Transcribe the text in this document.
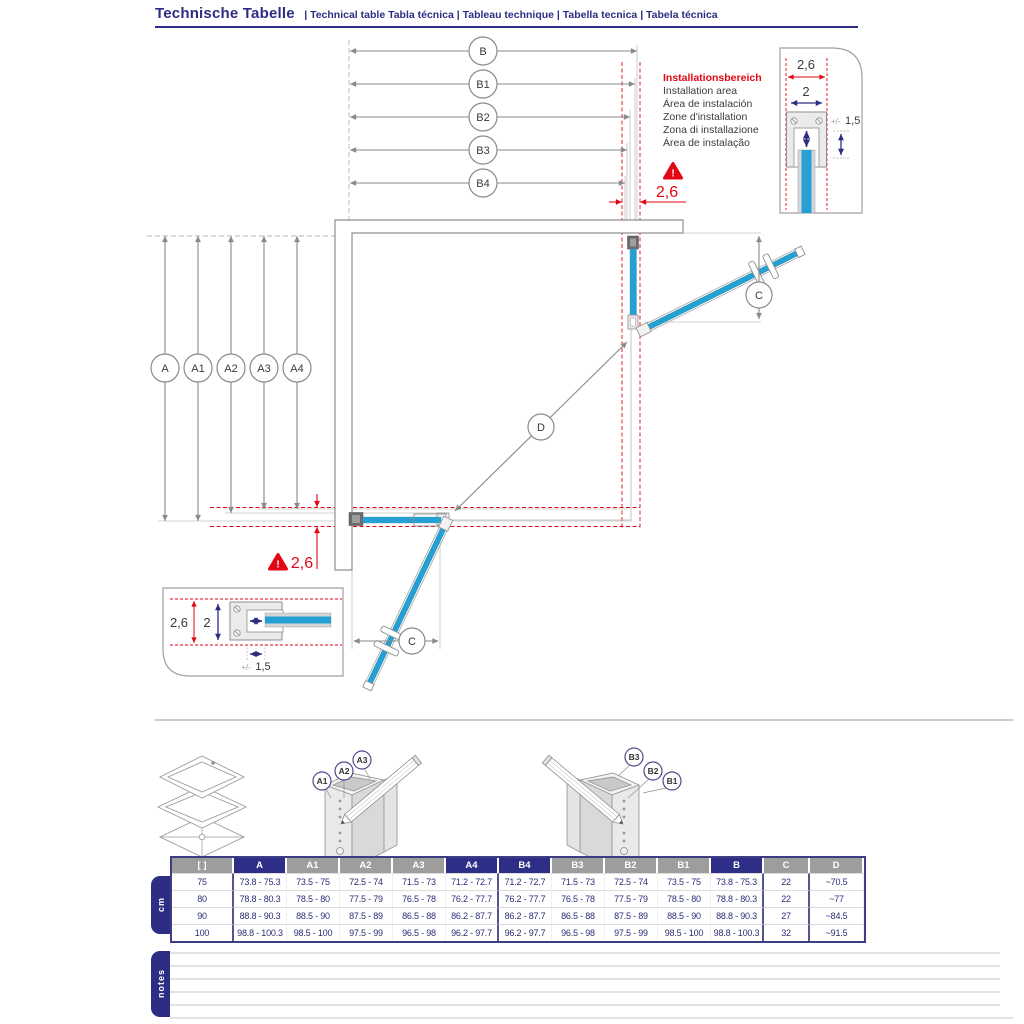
B
B1
B2
B3
B4
A A1 A2 A3 A4
C
D
C
!
2,6
! 2,6
2,6
2
+/- 1,5
2,6 2
+/- 1,5
Technische Tabelle | Technical table Tabla técnica | Tableau technique | Tabella tecnica | Tabela técnica
Installationsbereich
Installation area
Área de instalación
Zone d'installation
Zona di installazione
Área de instalação
A1
A2
A3	B3
B2
B1
[ ]	A	A1	A2	A3	A4	B4	B3	B2	B1	B	C	D
75	73.8 - 75.3	73.5 - 75	72.5 - 74	71.5 - 73	71.2 - 72.7	71.2 - 72.7	71.5 - 73	72.5 - 74	73.5 - 75	73.8 - 75.3	22	~70.5
80	78.8 - 80.3	78.5 - 80	77.5 - 79	76.5 - 78	76.2 - 77.7	76.2 - 77.7	76.5 - 78	77.5 - 79	78.5 - 80	78.8 - 80.3	22	~77
90	88.8 - 90.3	88.5 - 90	87.5 - 89	86.5 - 88	86.2 - 87.7	86.2 - 87.7	86.5 - 88	87.5 - 89	88.5 - 90	88.8 - 90.3	27	~84.5
100	98.8 - 100.3	98.5 - 100	97.5 - 99	96.5 - 98	96.2 - 97.7	96.2 - 97.7	96.5 - 98	97.5 - 99	98.5 - 100	98.8 - 100.3	32	~91.5
cm
notes
